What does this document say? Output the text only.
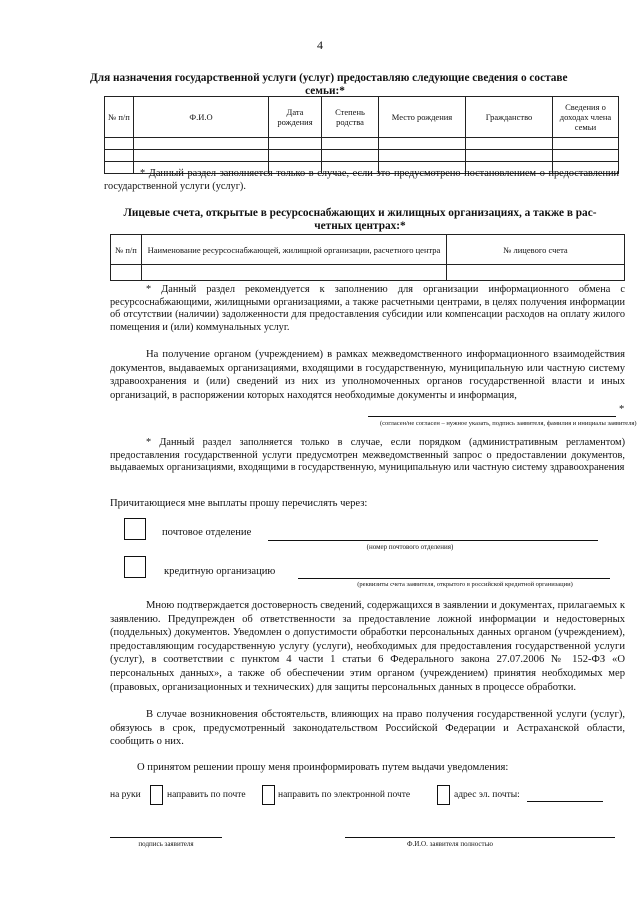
4
Для назначения государственной услуги (услуг) предоставляю следующие сведения о составе
семьи:*
№ п/п	Ф.И.О	Дата рождения	Степень родства	Место рождения	Гражданство	Сведения о доходах члена семьи

* Данный раздел заполняется только в случае, если это предусмотрено постановлением о предоставлении государственной услуги (услуг).
Лицевые счета, открытые в ресурсоснабжающих и жилищных организациях, а также в рас-
четных центрах:*
№ п/п	Наименование ресурсоснабжающей, жилищной организации, расчетного центра	№ лицевого счета

* Данный раздел рекомендуется к заполнению для организации информационного обмена с ресурсоснабжающими, жилищными организациями, а также расчетными центрами, в целях получения информации об отсутствии (наличии) задолженности для предоставления субсидии или компенсации расходов на оплату жилого помещения и (или) коммунальных услуг.
На получение органом (учреждением) в рамках межведомственного информационного взаимодействия документов, выдаваемых организациями, входящими в государственную, муниципальную или частную систему здравоохранения и (или) сведений из них из уполномоченных органов государственной власти и иных организаций, в распоряжении которых находятся необходимые документы и информация,
*
(согласен/не согласен – нужное указать, подпись заявителя, фамилия и инициалы заявителя)
* Данный раздел заполняется только в случае, если порядком (административным регламентом) предоставления государственной услуги предусмотрен межведомственный запрос о предоставлении документов, выдаваемых организациями, входящими в государственную, муниципальную или частную систему здравоохранения
Причитающиеся мне выплаты прошу перечислять через:
почтовое отделение
(номер почтового отделения)
кредитную организацию
(реквизиты счета заявителя, открытого в российской кредитной организации)
Мною подтверждается достоверность сведений, содержащихся в заявлении и документах, прилагаемых к заявлению. Предупрежден об ответственности за предоставление ложной информации и недостоверных (поддельных) документов. Уведомлен о допустимости обработки персональных данных органом (учреждением), предоставляющим государственную услугу (услуги), необходимых для предоставления государственной услуги (услуг), в соответствии с пунктом 4 части 1 статьи 6 Федерального закона 27.07.2006 № 152-ФЗ «О персональных данных», а также об обеспечении этим органом (учреждением) принятия необходимых мер (правовых, организационных и технических) для защиты персональных данных в процессе обработки.
В случае возникновения обстоятельств, влияющих на право получения государственной услуги (услуг), обязуюсь в срок, предусмотренный законодательством Российской Федерации и Астраханской области, сообщить о них.
О принятом решении прошу меня проинформировать путем выдачи уведомления:
на руки	направить по почте	направить по электронной почте	адрес эл. почты:
подпись заявителя	Ф.И.О. заявителя полностью
